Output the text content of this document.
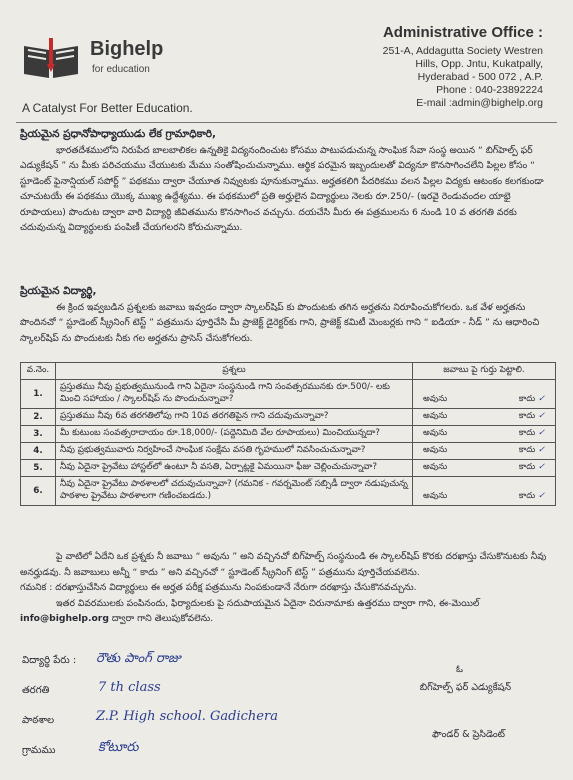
Bighelp
for education
A Catalyst For Better Education.
Administrative Office :
251-A, Addagutta Society Westren
Hills, Opp. Jntu, Kukatpally,
Hyderabad - 500 072 , A.P.
Phone : 040-23892224
E-mail :admin@bighelp.org
ప్రియమైన ప్రధానోపాధ్యాయుడు లేక గ్రామాధికారి,
భారతదేశములోని నిరుపేద బాలబాలికల ఉన్నతికై విద్యనందించుట కోసము పాటుపడుచున్న సాంఘిక సేవా సంస్థ అయిన “ బిగ్‌హెల్ప్ ఫర్ ఎడ్యుకేషన్ ” ను మీకు పరిచయము చేయుటకు మేము సంతోషించుచున్నాము. ఆర్థిక పరమైన ఇబ్బందులతో విద్యనూ కొనసాగించలేని పిల్లల కోసం “ స్టూడెంట్ ఫైనాన్షియల్ సపోర్ట్ ” పథకము ద్వారా చేయూత నివ్వుటకు పూనుకున్నాము. అర్హతకలిగి పేదరికము వలన పిల్లల విద్యకు ఆటంకం కలగకుండా చూచుటయే ఈ పథకము యొక్క ముఖ్య ఉద్దేశ్యము. ఈ పథకములో ప్రతి అర్హులైన విద్యార్థులు నెలకు రూ.250/- (ఇరవై రెండువందల యాభై రూపాయలు) పొందుట ద్వారా వారి విద్యార్ధి జీవితమును కొనసాగించ వచ్చును. దయచేసి మీరు ఈ పత్రములను 6 నుండి 10 వ తరగతి వరకు చదువుచున్న విద్యార్థులకు పంపిణీ చేయగలరని కోరుచున్నాము.
ప్రియమైన విద్యార్థి,
ఈ క్రింద ఇవ్వబడిన ప్రశ్నలకు జవాబు ఇవ్వడం ద్వారా స్కాలర్‌షిప్ కు పొందుటకు తగిన అర్హతను నిరూపించుకోగలరు. ఒక వేళ అర్హతను పొందినచో “ స్టూడెంట్ స్క్రీనింగ్ టెస్ట్ ” పత్రమును పూర్తిచేసి మీ ప్రాజెక్ట్ డైరెక్టర్‌కు గాని, ప్రాజెక్ట్ కమిటీ మెంబర్లకు గాని “ ఐడియా - నీడ్ ” ను ఆధారించి స్కాలర్‌షిప్ ను పొందుటకు నీకు గల అర్హతను ప్రాసెస్ చేసుకోగలరు.
వ.నెం.	ప్రశ్నలు	జవాబు పై గుర్తు పెట్టాలి.
1.	ప్రస్తుతము నీవు ప్రభుత్వమునుండి గాని ఏదైనా సంస్థనుండి గాని సంవత్సరమునకు రూ.500/- లకు మించి సహాయం / స్కాలర్‌షిప్ ను పొందుచున్నావా?	అవును కాదు ✓

2.	ప్రస్తుతము నీవు 6వ తరగతిలోపు గాని 10వ తరగతిపైన గాని చదువుచున్నావా?	అవును కాదు ✓

3.	మీ కుటుంబ సంవత్సరాదాయం రూ.18,000/- (పద్దెనిమిది వేల రూపాయలు) మించియున్నదా?	అవును కాదు ✓

4.	నీవు ప్రభుత్వమువారు నిర్వహించే సాంఘిక సంక్షేమ వసతి గృహములో నివసించుచున్నావా?	అవును కాదు ✓

5.	నీవు ఏదైనా ప్రైవేటు హాస్టల్‌లో ఉంటూ నీ వసతి, ఏర్పాట్లకై ఏమయినా ఫీజు చెల్లించుచున్నావా?	అవును కాదు ✓

6.	నీవు ఏదైనా ప్రైవేటు పాఠశాలలో చదువుచున్నావా? (గమనిక - గవర్నమెంట్ సబ్సిడీ ద్వారా నడుపుచున్న పాఠశాల ప్రైవేటు పాఠశాలగా గణించబడదు.)	అవును కాదు ✓
పై వాటిలో ఏదేని ఒక ప్రశ్నకు నీ జవాబు “ అవును ” అని వచ్చినచో బిగ్‌హెల్ప్ సంస్థనుండి ఈ స్కాలర్‌షిప్ కొరకు దరఖాస్తు చేసుకొనుటకు నీవు అనర్హుడవు. నీ జవాబులు అన్నీ “ కాదు ” అని వచ్చినచో “ స్టూడెంట్ స్క్రీనింగ్ టెస్ట్ ” పత్రమును పూర్తిచేయవలెను.
గమనిక : దరఖాస్తుచేసిన విద్యార్థులు ఈ అర్హత పరీక్ష పత్రమును నింపకుండానే నేరుగా దరఖాస్తు చేసుకొనవచ్చును.
ఇతర వివరములకు పంపినందు, ఫిర్యాదులకు పై సదుపాయమైన ఏదైనా చిరునామాకు ఉత్తరము ద్వారా గాని, ఈ-మెయిల్
info@bighelp.org ద్వారా గాని తెలుపుకోవలెను.
విద్యార్థి పేరు :	రౌతు పాంగ్ రాజు
తరగతి	7 th class
పాఠశాల	Z.P. High school. Gadichera
గ్రామము	కోటూరు
ఓ
బిగ్‌హెల్ప్ ఫర్ ఎడ్యుకేషన్
ఫౌండర్ & ప్రెసిడెంట్
